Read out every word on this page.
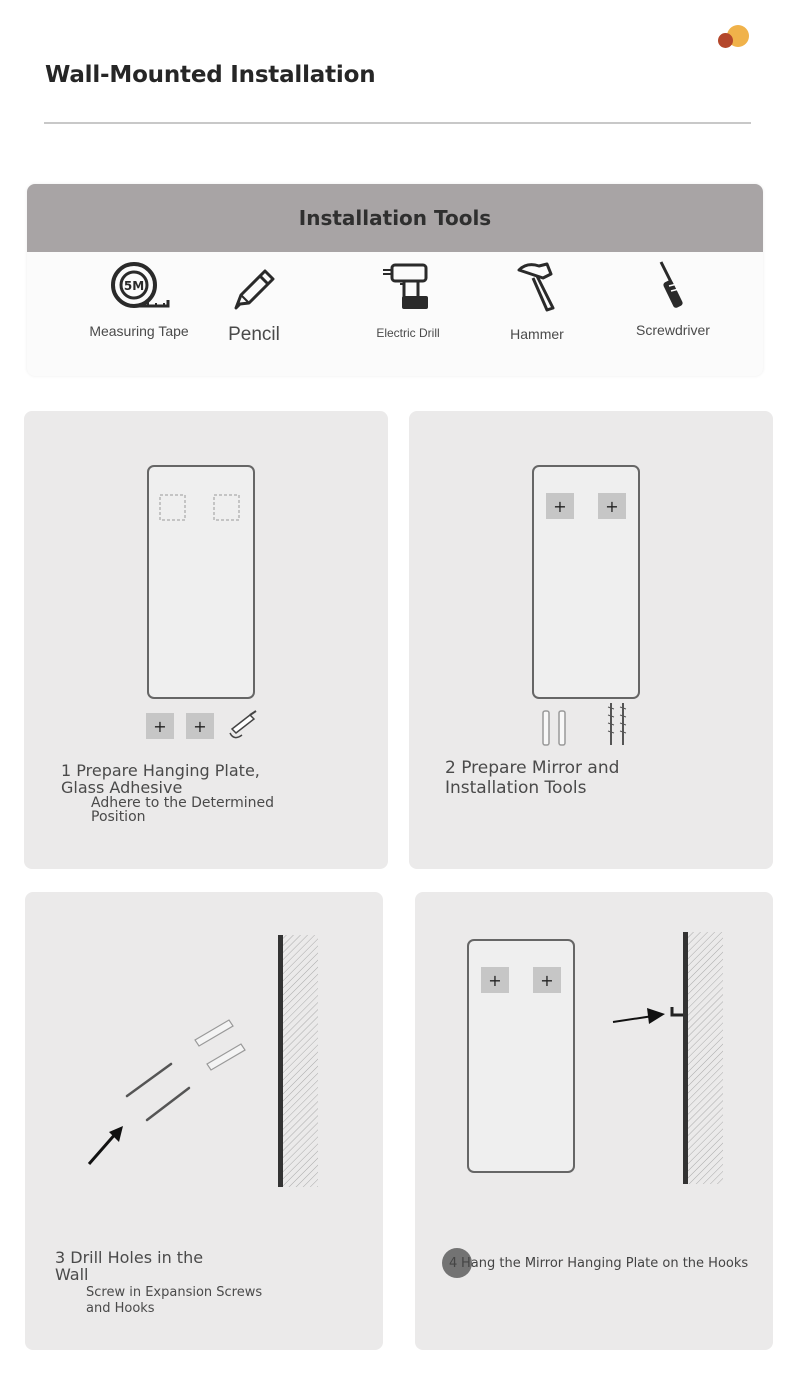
Wall-Mounted Installation
Installation Tools
5M
Measuring Tape	Pencil	Electric Drill	Hammer	Screwdriver
+ +
1 Prepare Hanging Plate,
Glass Adhesive
Adhere to the Determined
Position
+ +
2 Prepare Mirror and
Installation Tools
3 Drill Holes in the
Wall
Screw in Expansion Screws
and Hooks
+ +
4 Hang the Mirror Hanging Plate on the Hooks
